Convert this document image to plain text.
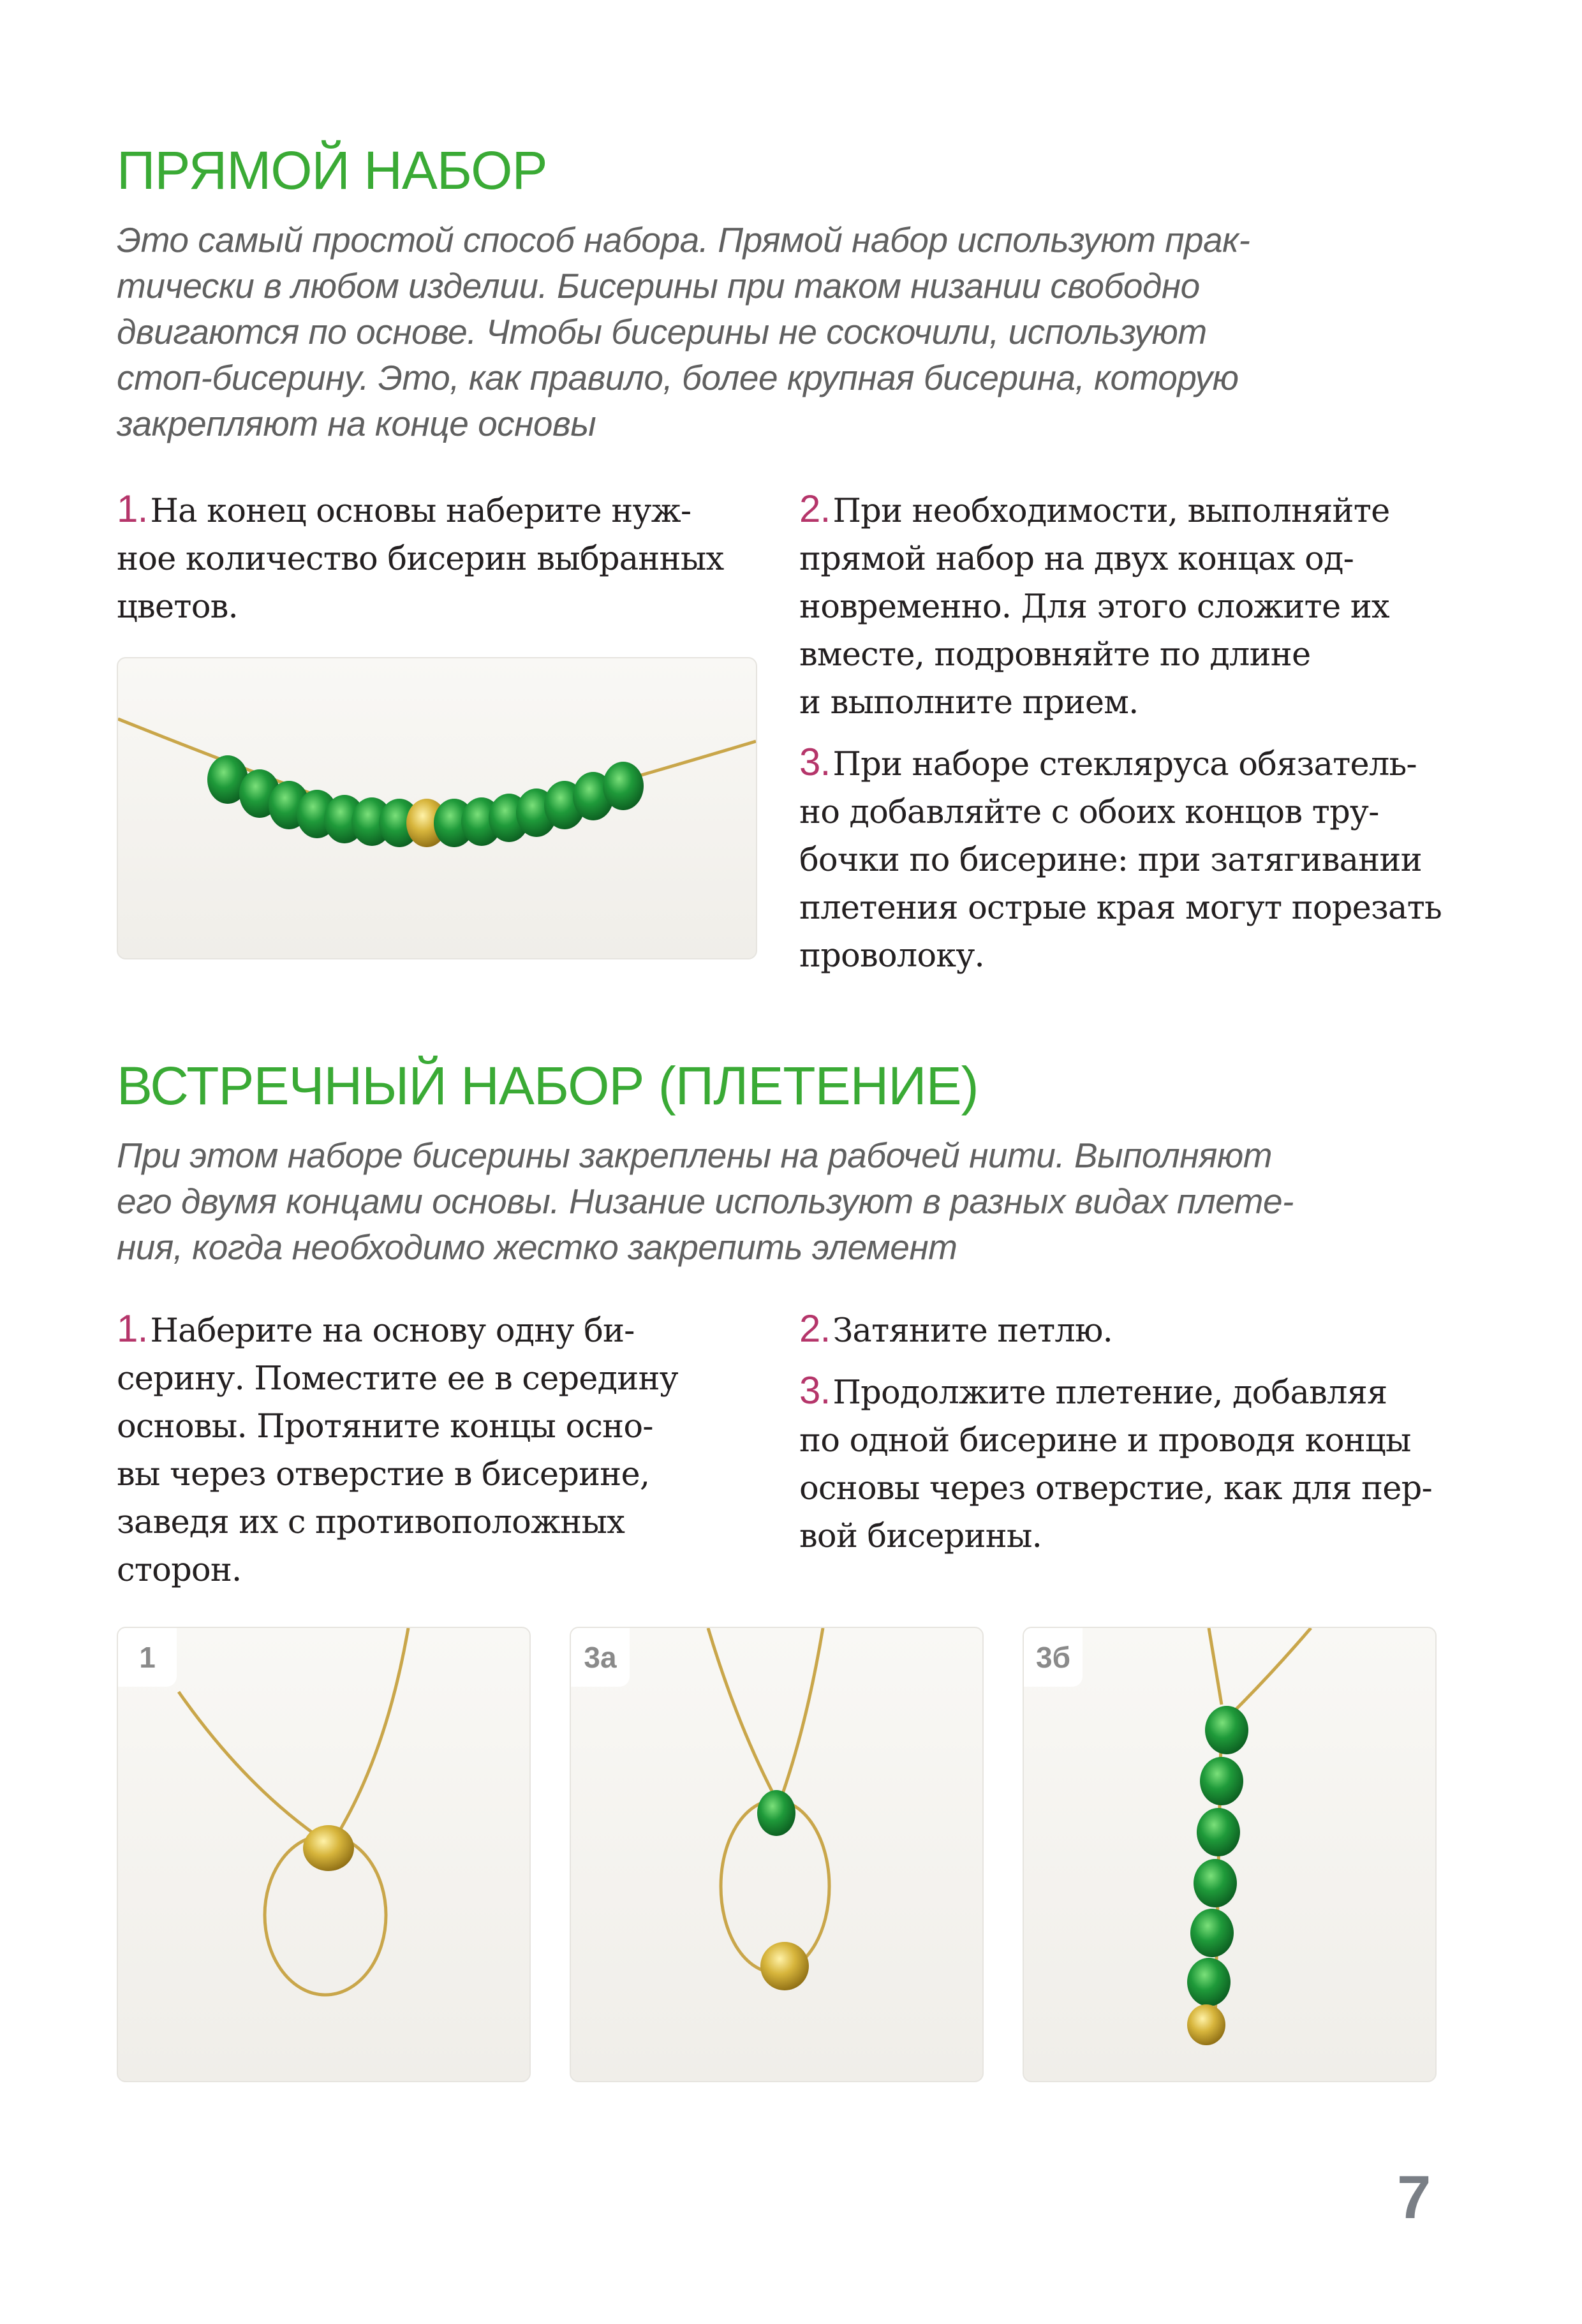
ПРЯМОЙ НАБОР
Это самый простой способ набора. Прямой набор используют прак-
тически в любом изделии. Бисерины при таком низании свободно
двигаются по основе. Чтобы бисерины не соскочили, используют
стоп-бисерину. Это, как правило, более крупная бисерина, которую
закрепляют на конце основы

1.На конец основы наберите нуж-
ное количество бисерин выбранных
цветов.

2.При необходимости, выполняйте
прямой набор на двух концах од-
новременно. Для этого сложите их
вместе, подровняйте по длине
и выполните прием.

3.При наборе стекляруса обязатель-
но добавляйте с обоих концов тру-
бочки по бисерине: при затягивании
плетения острые края могут порезать
проволоку.

ВСТРЕЧНЫЙ НАБОР (ПЛЕТЕНИЕ)
При этом наборе бисерины закреплены на рабочей нити. Выполняют
его двумя концами основы. Низание используют в разных видах плете-
ния, когда необходимо жестко закрепить элемент

1.Наберите на основу одну би-
серину. Поместите ее в середину
основы. Протяните концы осно-
вы через отверстие в бисерине,
заведя их с противоположных
сторон.

2.Затяните петлю.

3.Продолжите плетение, добавляя
по одной бисерине и проводя концы
основы через отверстие, как для пер-
вой бисерины.

1	3а	3б
7
